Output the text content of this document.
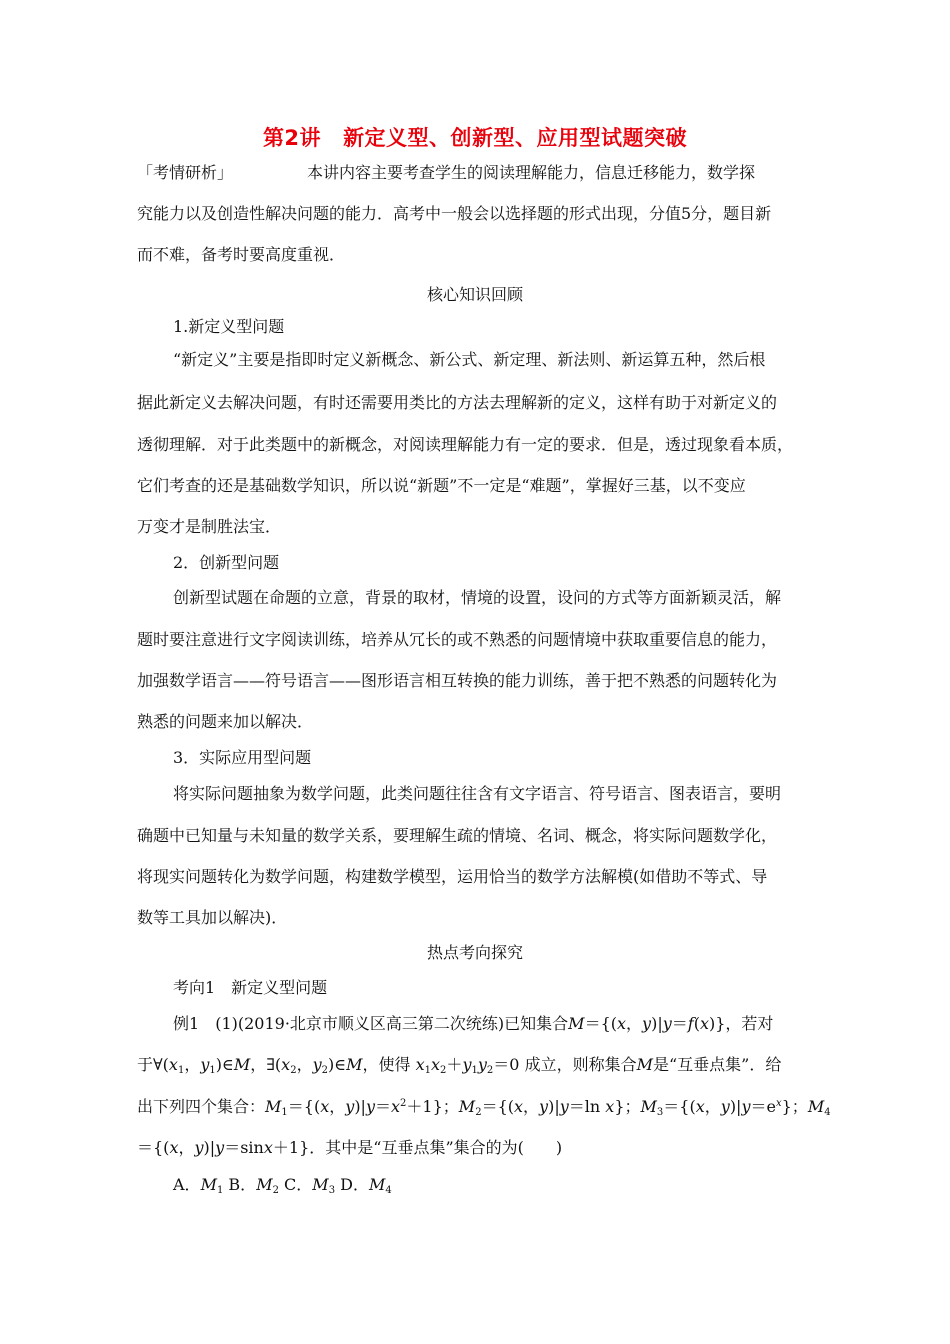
第2讲 新定义型、创新型、应用型试题突破
「考情研析」	本讲内容主要考查学生的阅读理解能力，信息迁移能力，数学探
究能力以及创造性解决问题的能力．高考中一般会以选择题的形式出现，分值5分，题目新
而不难，备考时要高度重视．
核心知识回顾
1.新定义型问题
“新定义”主要是指即时定义新概念、新公式、新定理、新法则、新运算五种，然后根
据此新定义去解决问题，有时还需要用类比的方法去理解新的定义，这样有助于对新定义的
透彻理解．对于此类题中的新概念，对阅读理解能力有一定的要求．但是，透过现象看本质，
它们考查的还是基础数学知识，所以说“新题”不一定是“难题”，掌握好三基，以不变应
万变才是制胜法宝．
2．创新型问题
创新型试题在命题的立意，背景的取材，情境的设置，设问的方式等方面新颖灵活，解
题时要注意进行文字阅读训练，培养从冗长的或不熟悉的问题情境中获取重要信息的能力，
加强数学语言——符号语言——图形语言相互转换的能力训练，善于把不熟悉的问题转化为
熟悉的问题来加以解决．
3．实际应用型问题
将实际问题抽象为数学问题，此类问题往往含有文字语言、符号语言、图表语言，要明
确题中已知量与未知量的数学关系，要理解生疏的情境、名词、概念，将实际问题数学化，
将现实问题转化为数学问题，构建数学模型，运用恰当的数学方法解模(如借助不等式、导
数等工具加以解决)．
热点考向探究
考向1　新定义型问题
例1　 (1)(2019·北京市顺义区高三第二次统练)已知集合M＝{(x，y)|y＝f(x)}，若对
于$\forall(x_1$，$y_1)\in M$，$\exists(x_2$，$y_2)\in M$，使得 $x_1x_2+y_1y_2=0$ 成立，则称集合M是“互垂点集”．给
出下列四个集合：$M_1=\{(x$，$y)|y=x^2+1$}；$M_2=\{(x$，y)|y＝ln x}；$M_3=\{(x$，$y)|y=e^x$}；$M_4$
＝{(x，y)|y＝sinx＋1}．其中是“互垂点集”集合的为(　　)
A．$M_1$ B．$M_2$ C．$M_3$ D．$M_4$
